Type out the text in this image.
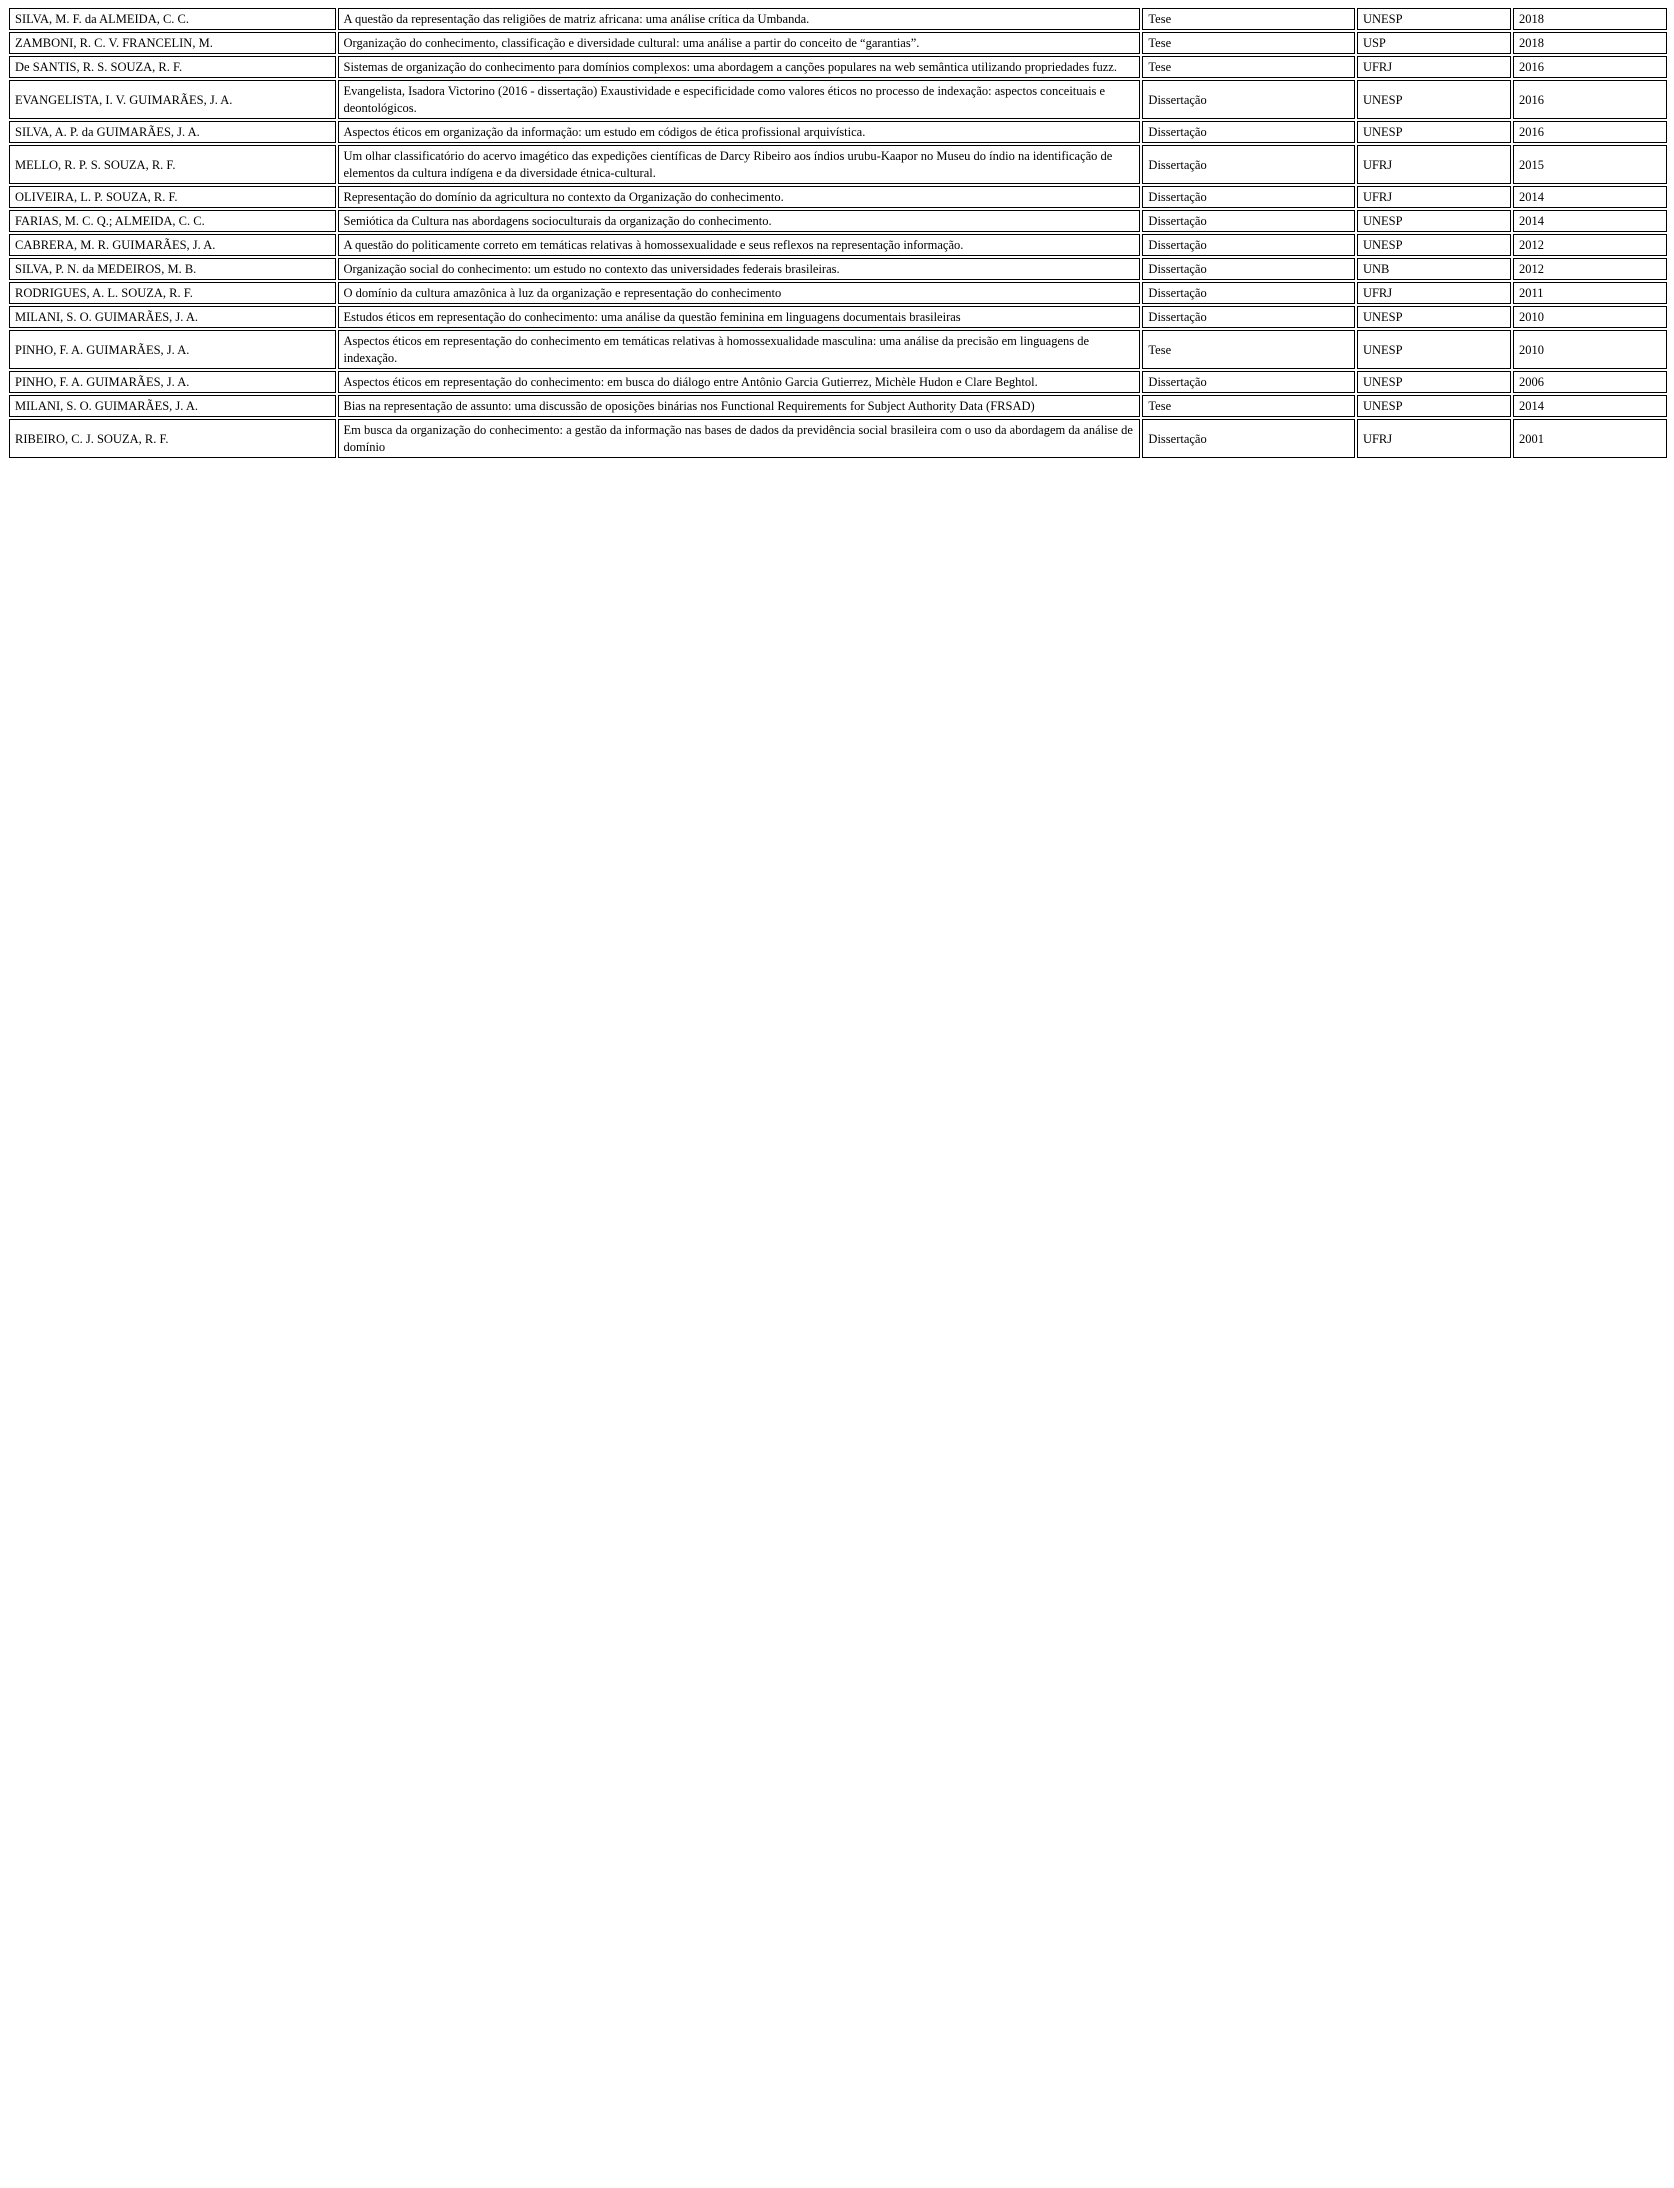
SILVA, M. F. da ALMEIDA, C. C.	A questão da representação das religiões de matriz africana: uma análise crítica da Umbanda.	Tese	UNESP	2018
ZAMBONI, R. C. V. FRANCELIN, M.	Organização do conhecimento, classificação e diversidade cultural: uma análise a partir do conceito de “garantias”.	Tese	USP	2018
De SANTIS, R. S. SOUZA, R. F.	Sistemas de organização do conhecimento para domínios complexos: uma abordagem a canções populares na web semântica utilizando propriedades fuzz.	Tese	UFRJ	2016
EVANGELISTA, I. V. GUIMARÃES, J. A.	Evangelista, Isadora Victorino (2016 - dissertação) Exaustividade e especificidade como valores éticos no processo de indexação: aspectos conceituais e deontológicos.	Dissertação	UNESP	2016
SILVA, A. P. da GUIMARÃES, J. A.	Aspectos éticos em organização da informação: um estudo em códigos de ética profissional arquivística.	Dissertação	UNESP	2016
MELLO, R. P. S. SOUZA, R. F.	Um olhar classificatório do acervo imagético das expedições científicas de Darcy Ribeiro aos índios urubu-Kaapor no Museu do índio na identificação de elementos da cultura indígena e da diversidade étnica-cultural.	Dissertação	UFRJ	2015
OLIVEIRA, L. P. SOUZA, R. F.	Representação do domínio da agricultura no contexto da Organização do conhecimento.	Dissertação	UFRJ	2014
FARIAS, M. C. Q.; ALMEIDA, C. C.	Semiótica da Cultura nas abordagens socioculturais da organização do conhecimento.	Dissertação	UNESP	2014
CABRERA, M. R. GUIMARÃES, J. A.	A questão do politicamente correto em temáticas relativas à homossexualidade e seus reflexos na representação informação.	Dissertação	UNESP	2012
SILVA, P. N. da MEDEIROS, M. B.	Organização social do conhecimento: um estudo no contexto das universidades federais brasileiras.	Dissertação	UNB	2012
RODRIGUES, A. L. SOUZA, R. F.	O domínio da cultura amazônica à luz da organização e representação do conhecimento	Dissertação	UFRJ	2011
MILANI, S. O. GUIMARÃES, J. A.	Estudos éticos em representação do conhecimento: uma análise da questão feminina em linguagens documentais brasileiras	Dissertação	UNESP	2010
PINHO, F. A. GUIMARÃES, J. A.	Aspectos éticos em representação do conhecimento em temáticas relativas à homossexualidade masculina: uma análise da precisão em linguagens de indexação.	Tese	UNESP	2010
PINHO, F. A. GUIMARÃES, J. A.	Aspectos éticos em representação do conhecimento: em busca do diálogo entre Antônio Garcia Gutierrez, Michèle Hudon e Clare Beghtol.	Dissertação	UNESP	2006
MILANI, S. O. GUIMARÃES, J. A.	Bias na representação de assunto: uma discussão de oposições binárias nos Functional Requirements for Subject Authority Data (FRSAD)	Tese	UNESP	2014
RIBEIRO, C. J. SOUZA, R. F.	Em busca da organização do conhecimento: a gestão da informação nas bases de dados da previdência social brasileira com o uso da abordagem da análise de domínio	Dissertação	UFRJ	2001
